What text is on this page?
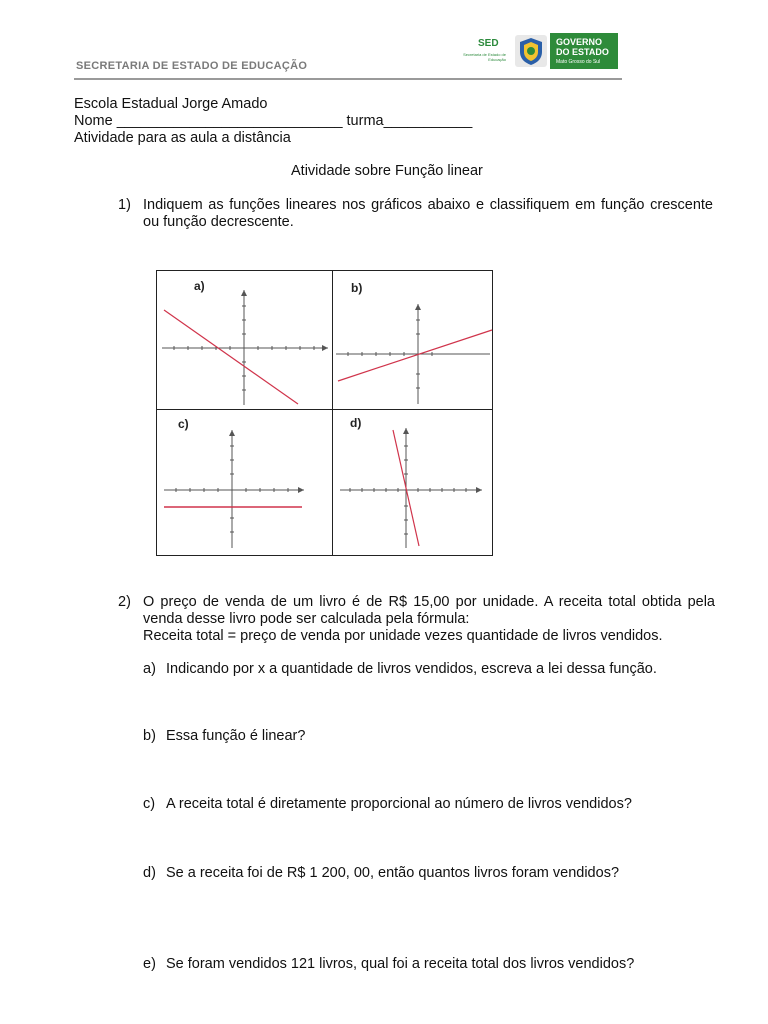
SED
Secretaria de Estado de Educação
GOVERNO
DO ESTADO
Mato Grosso do Sul
SECRETARIA DE ESTADO DE EDUCAÇÃO
Escola Estadual Jorge Amado
Nome ____________________________ turma___________
Atividade para as aula a distância
Atividade sobre Função linear
1) Indiquem as funções lineares nos gráficos abaixo e classifiquem em função crescente ou função decrescente.
a)	b)
c)	d)
2) O preço de venda de um livro é de R$ 15,00 por unidade. A receita total obtida pela venda desse livro pode ser calculada pela fórmula:
Receita total = preço de venda por unidade vezes quantidade de livros vendidos.
a) Indicando por x a quantidade de livros vendidos, escreva a lei dessa função.
b) Essa função é linear?
c) A receita total é diretamente proporcional ao número de livros vendidos?
d) Se a receita foi de R$ 1 200, 00, então quantos livros foram vendidos?
e) Se foram vendidos 121 livros, qual foi a receita total dos livros vendidos?
